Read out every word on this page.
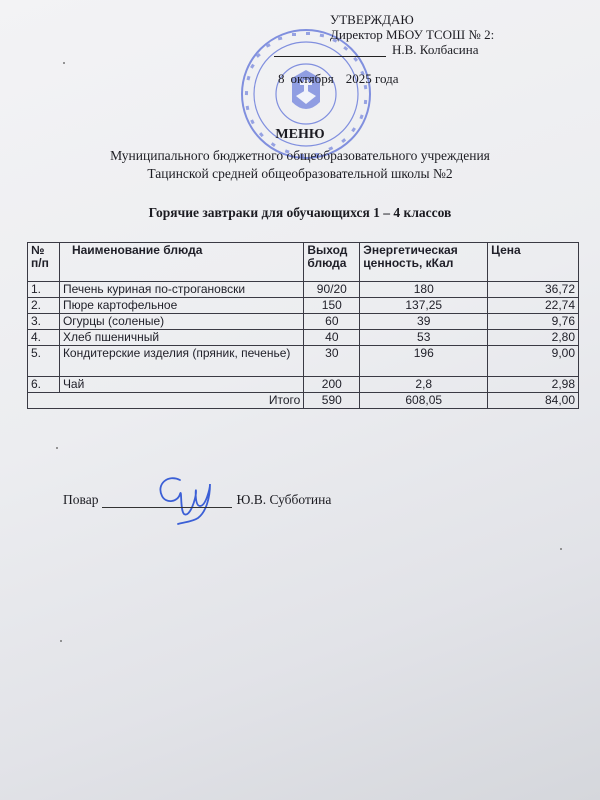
УТВЕРЖДАЮ
Директор МБОУ ТСОШ № 2:
Н.В. Колбасина
8 октября 2025 года
МЕНЮ
Муниципального бюджетного общеобразовательного учреждения
Тацинской средней общеобразовательной школы №2
Горячие завтраки для обучающихся 1 – 4 классов
№ п/п	Наименование блюда	Выход блюда	Энергетическая ценность, кКал	Цена
1.	Печень куриная по-строгановски	90/20	180	36,72
2.	Пюре картофельное	150	137,25	22,74
3.	Огурцы (соленые)	60	39	9,76
4.	Хлеб пшеничный	40	53	2,80
5.	Кондитерские изделия (пряник, печенье)	30	196	9,00
6.	Чай	200	2,8	2,98
Итого		590	608,05	84,00
Повар	Ю.В. Субботина
